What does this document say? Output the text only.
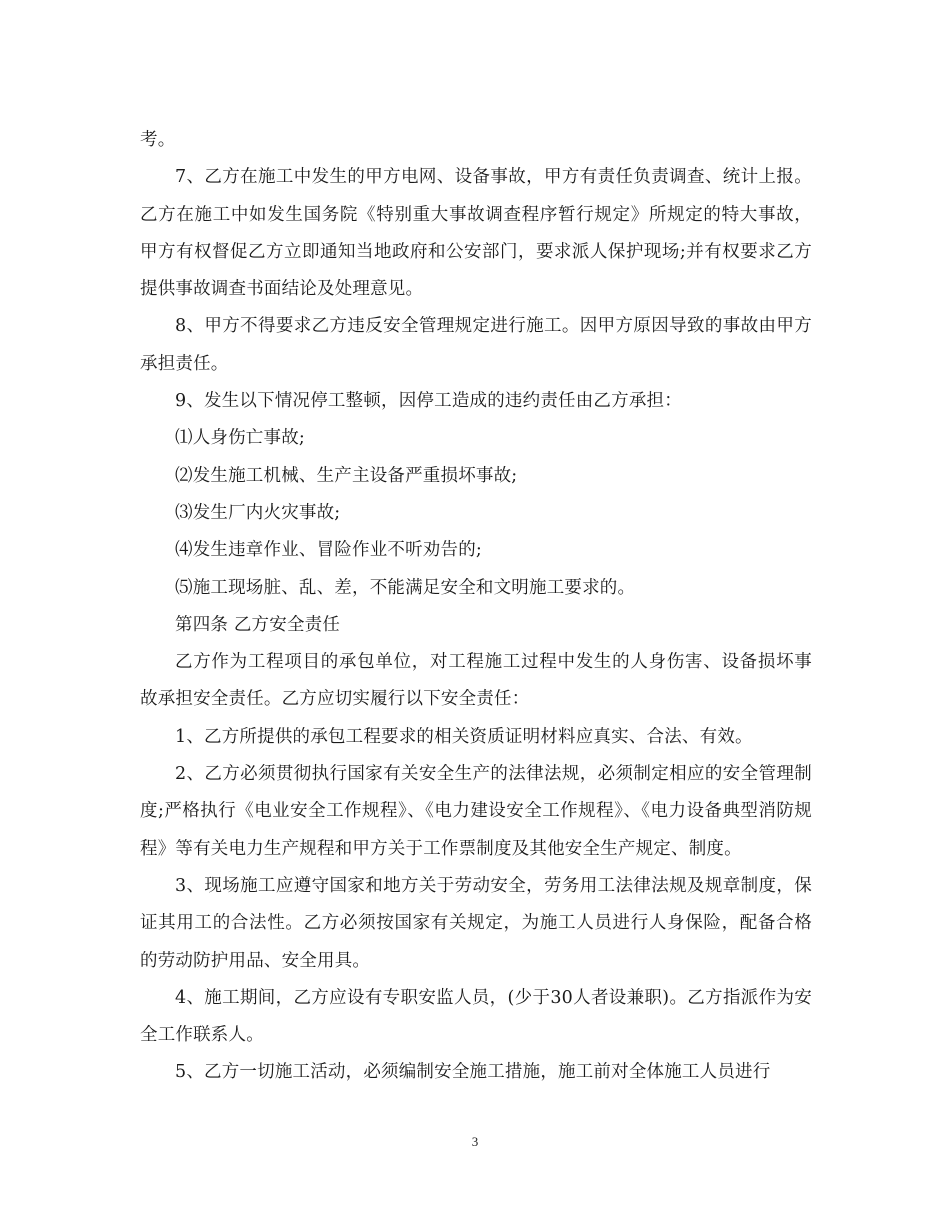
考。

7、乙方在施工中发生的甲方电网、设备事故，甲方有责任负责调查、统计上报。乙方在施工中如发生国务院《特别重大事故调查程序暂行规定》所规定的特大事故，甲方有权督促乙方立即通知当地政府和公安部门，要求派人保护现场;并有权要求乙方提供事故调查书面结论及处理意见。

8、甲方不得要求乙方违反安全管理规定进行施工。因甲方原因导致的事故由甲方承担责任。

9、发生以下情况停工整顿，因停工造成的违约责任由乙方承担：

⑴人身伤亡事故;

⑵发生施工机械、生产主设备严重损坏事故;

⑶发生厂内火灾事故;

⑷发生违章作业、冒险作业不听劝告的;

⑸施工现场脏、乱、差，不能满足安全和文明施工要求的。

第四条 乙方安全责任

乙方作为工程项目的承包单位，对工程施工过程中发生的人身伤害、设备损坏事故承担安全责任。乙方应切实履行以下安全责任：

1、乙方所提供的承包工程要求的相关资质证明材料应真实、合法、有效。

2、乙方必须贯彻执行国家有关安全生产的法律法规，必须制定相应的安全管理制度;严格执行《电业安全工作规程》、《电力建设安全工作规程》、《电力设备典型消防规程》等有关电力生产规程和甲方关于工作票制度及其他安全生产规定、制度。

3、现场施工应遵守国家和地方关于劳动安全，劳务用工法律法规及规章制度，保证其用工的合法性。乙方必须按国家有关规定，为施工人员进行人身保险，配备合格的劳动防护用品、安全用具。

4、施工期间，乙方应设有专职安监人员，(少于30人者设兼职)。乙方指派作为安全工作联系人。

5、乙方一切施工活动，必须编制安全施工措施，施工前对全体施工人员进行

3
